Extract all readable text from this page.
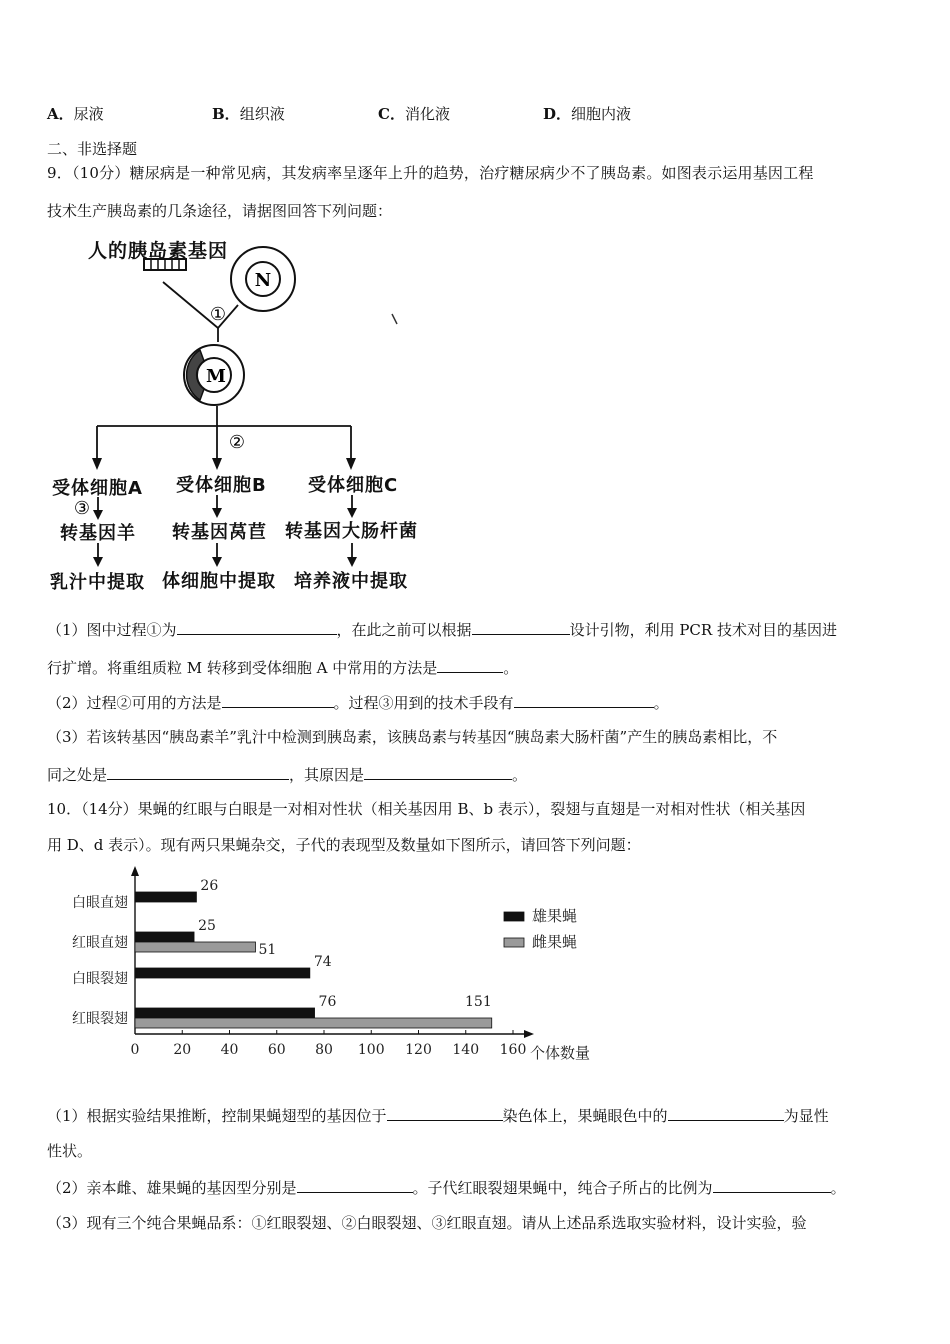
A．尿液	B．组织液	C．消化液	D．细胞内液
二、非选择题
9．（10分）糖尿病是一种常见病，其发病率呈逐年上升的趋势，治疗糖尿病少不了胰岛素。如图表示运用基因工程
技术生产胰岛素的几条途径，请据图回答下列问题：
人的胰岛素基因
N
①
M
②
③
受体细胞A 受体细胞B 受体细胞C
转基因羊 转基因莴苣 转基因大肠杆菌
乳汁中提取 体细胞中提取 培养液中提取
（1）图中过程①为	，在此之前可以根据	设计引物，利用 PCR 技术对目的基因进
行扩增。将重组质粒 M 转移到受体细胞 A 中常用的方法是	。
（2）过程②可用的方法是	。过程③用到的技术手段有	。
（3）若该转基因“胰岛素羊”乳汁中检测到胰岛素，该胰岛素与转基因“胰岛素大肠杆菌”产生的胰岛素相比，不
同之处是	，其原因是	。
10．（14分）果蝇的红眼与白眼是一对相对性状（相关基因用 B、b 表示），裂翅与直翅是一对相对性状（相关基因
用 D、d 表示）。现有两只果蝇杂交，子代的表现型及数量如下图所示，请回答下列问题：
0 20 40 60 80 100 120 140 160 个体数量
白眼直翅
26
红眼直翅
25
51
白眼裂翅
74
红眼裂翅
76	151
雄果蝇
雌果蝇
（1）根据实验结果推断，控制果蝇翅型的基因位于	染色体上，果蝇眼色中的	为显性
性状。
（2）亲本雌、雄果蝇的基因型分别是	。子代红眼裂翅果蝇中，纯合子所占的比例为	。
（3）现有三个纯合果蝇品系：①红眼裂翅、②白眼裂翅、③红眼直翅。请从上述品系选取实验材料，设计实验，验
